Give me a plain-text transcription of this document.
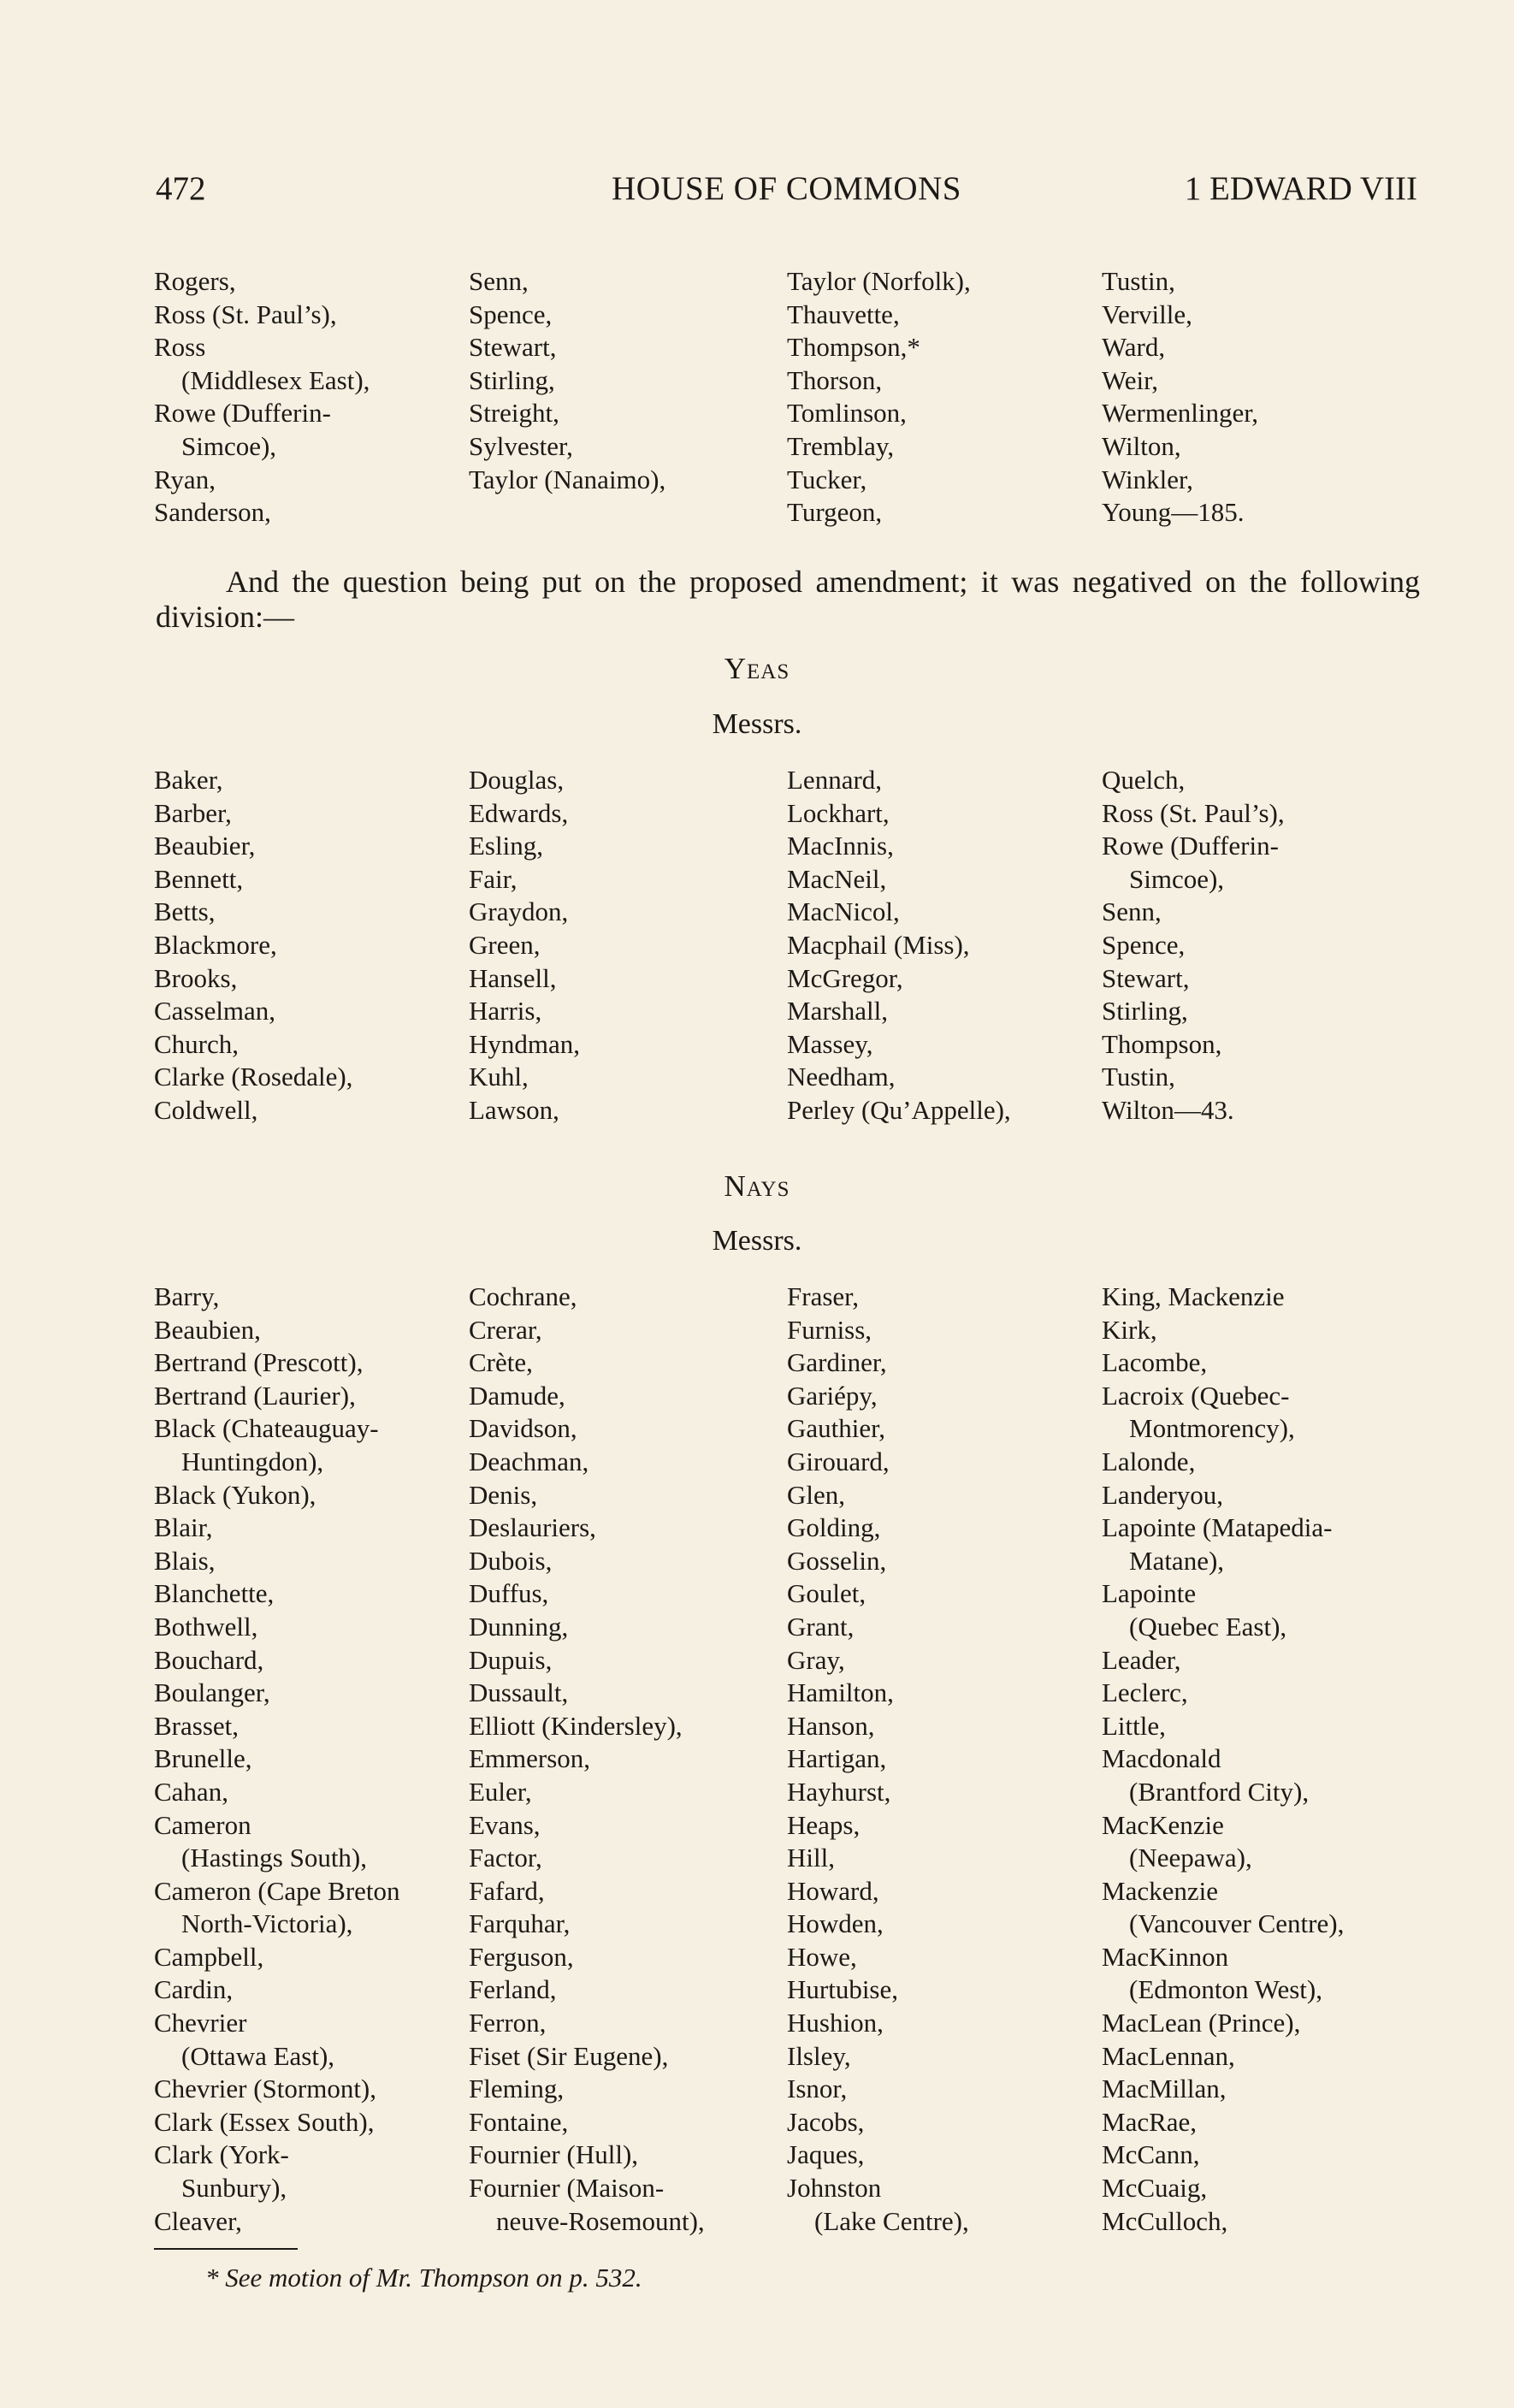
472	HOUSE OF COMMONS	1 EDWARD VIII
Rogers,
Ross (St. Paul’s),
Ross
(Middlesex East),
Rowe (Dufferin-
Simcoe),
Ryan,
Sanderson,
Senn,
Spence,
Stewart,
Stirling,
Streight,
Sylvester,
Taylor (Nanaimo),
Taylor (Norfolk),
Thauvette,
Thompson,*
Thorson,
Tomlinson,
Tremblay,
Tucker,
Turgeon,
Tustin,
Verville,
Ward,
Weir,
Wermenlinger,
Wilton,
Winkler,
Young—185.
And the question being put on the proposed amendment; it was negatived on the following division:—
Yeas
Messrs.
Baker,
Barber,
Beaubier,
Bennett,
Betts,
Blackmore,
Brooks,
Casselman,
Church,
Clarke (Rosedale),
Coldwell,
Douglas,
Edwards,
Esling,
Fair,
Graydon,
Green,
Hansell,
Harris,
Hyndman,
Kuhl,
Lawson,
Lennard,
Lockhart,
MacInnis,
MacNeil,
MacNicol,
Macphail (Miss),
McGregor,
Marshall,
Massey,
Needham,
Perley (Qu’Appelle),
Quelch,
Ross (St. Paul’s),
Rowe (Dufferin-
Simcoe),
Senn,
Spence,
Stewart,
Stirling,
Thompson,
Tustin,
Wilton—43.
Nays
Messrs.
Barry,
Beaubien,
Bertrand (Prescott),
Bertrand (Laurier),
Black (Chateauguay-
Huntingdon),
Black (Yukon),
Blair,
Blais,
Blanchette,
Bothwell,
Bouchard,
Boulanger,
Brasset,
Brunelle,
Cahan,
Cameron
(Hastings South),
Cameron (Cape Breton
North-Victoria),
Campbell,
Cardin,
Chevrier
(Ottawa East),
Chevrier (Stormont),
Clark (Essex South),
Clark (York-
Sunbury),
Cleaver,
Cochrane,
Crerar,
Crète,
Damude,
Davidson,
Deachman,
Denis,
Deslauriers,
Dubois,
Duffus,
Dunning,
Dupuis,
Dussault,
Elliott (Kindersley),
Emmerson,
Euler,
Evans,
Factor,
Fafard,
Farquhar,
Ferguson,
Ferland,
Ferron,
Fiset (Sir Eugene),
Fleming,
Fontaine,
Fournier (Hull),
Fournier (Maison-
neuve-Rosemount),
Fraser,
Furniss,
Gardiner,
Gariépy,
Gauthier,
Girouard,
Glen,
Golding,
Gosselin,
Goulet,
Grant,
Gray,
Hamilton,
Hanson,
Hartigan,
Hayhurst,
Heaps,
Hill,
Howard,
Howden,
Howe,
Hurtubise,
Hushion,
Ilsley,
Isnor,
Jacobs,
Jaques,
Johnston
(Lake Centre),
King, Mackenzie
Kirk,
Lacombe,
Lacroix (Quebec-
Montmorency),
Lalonde,
Landeryou,
Lapointe (Matapedia-
Matane),
Lapointe
(Quebec East),
Leader,
Leclerc,
Little,
Macdonald
(Brantford City),
MacKenzie
(Neepawa),
Mackenzie
(Vancouver Centre),
MacKinnon
(Edmonton West),
MacLean (Prince),
MacLennan,
MacMillan,
MacRae,
McCann,
McCuaig,
McCulloch,
* See motion of Mr. Thompson on p. 532.
